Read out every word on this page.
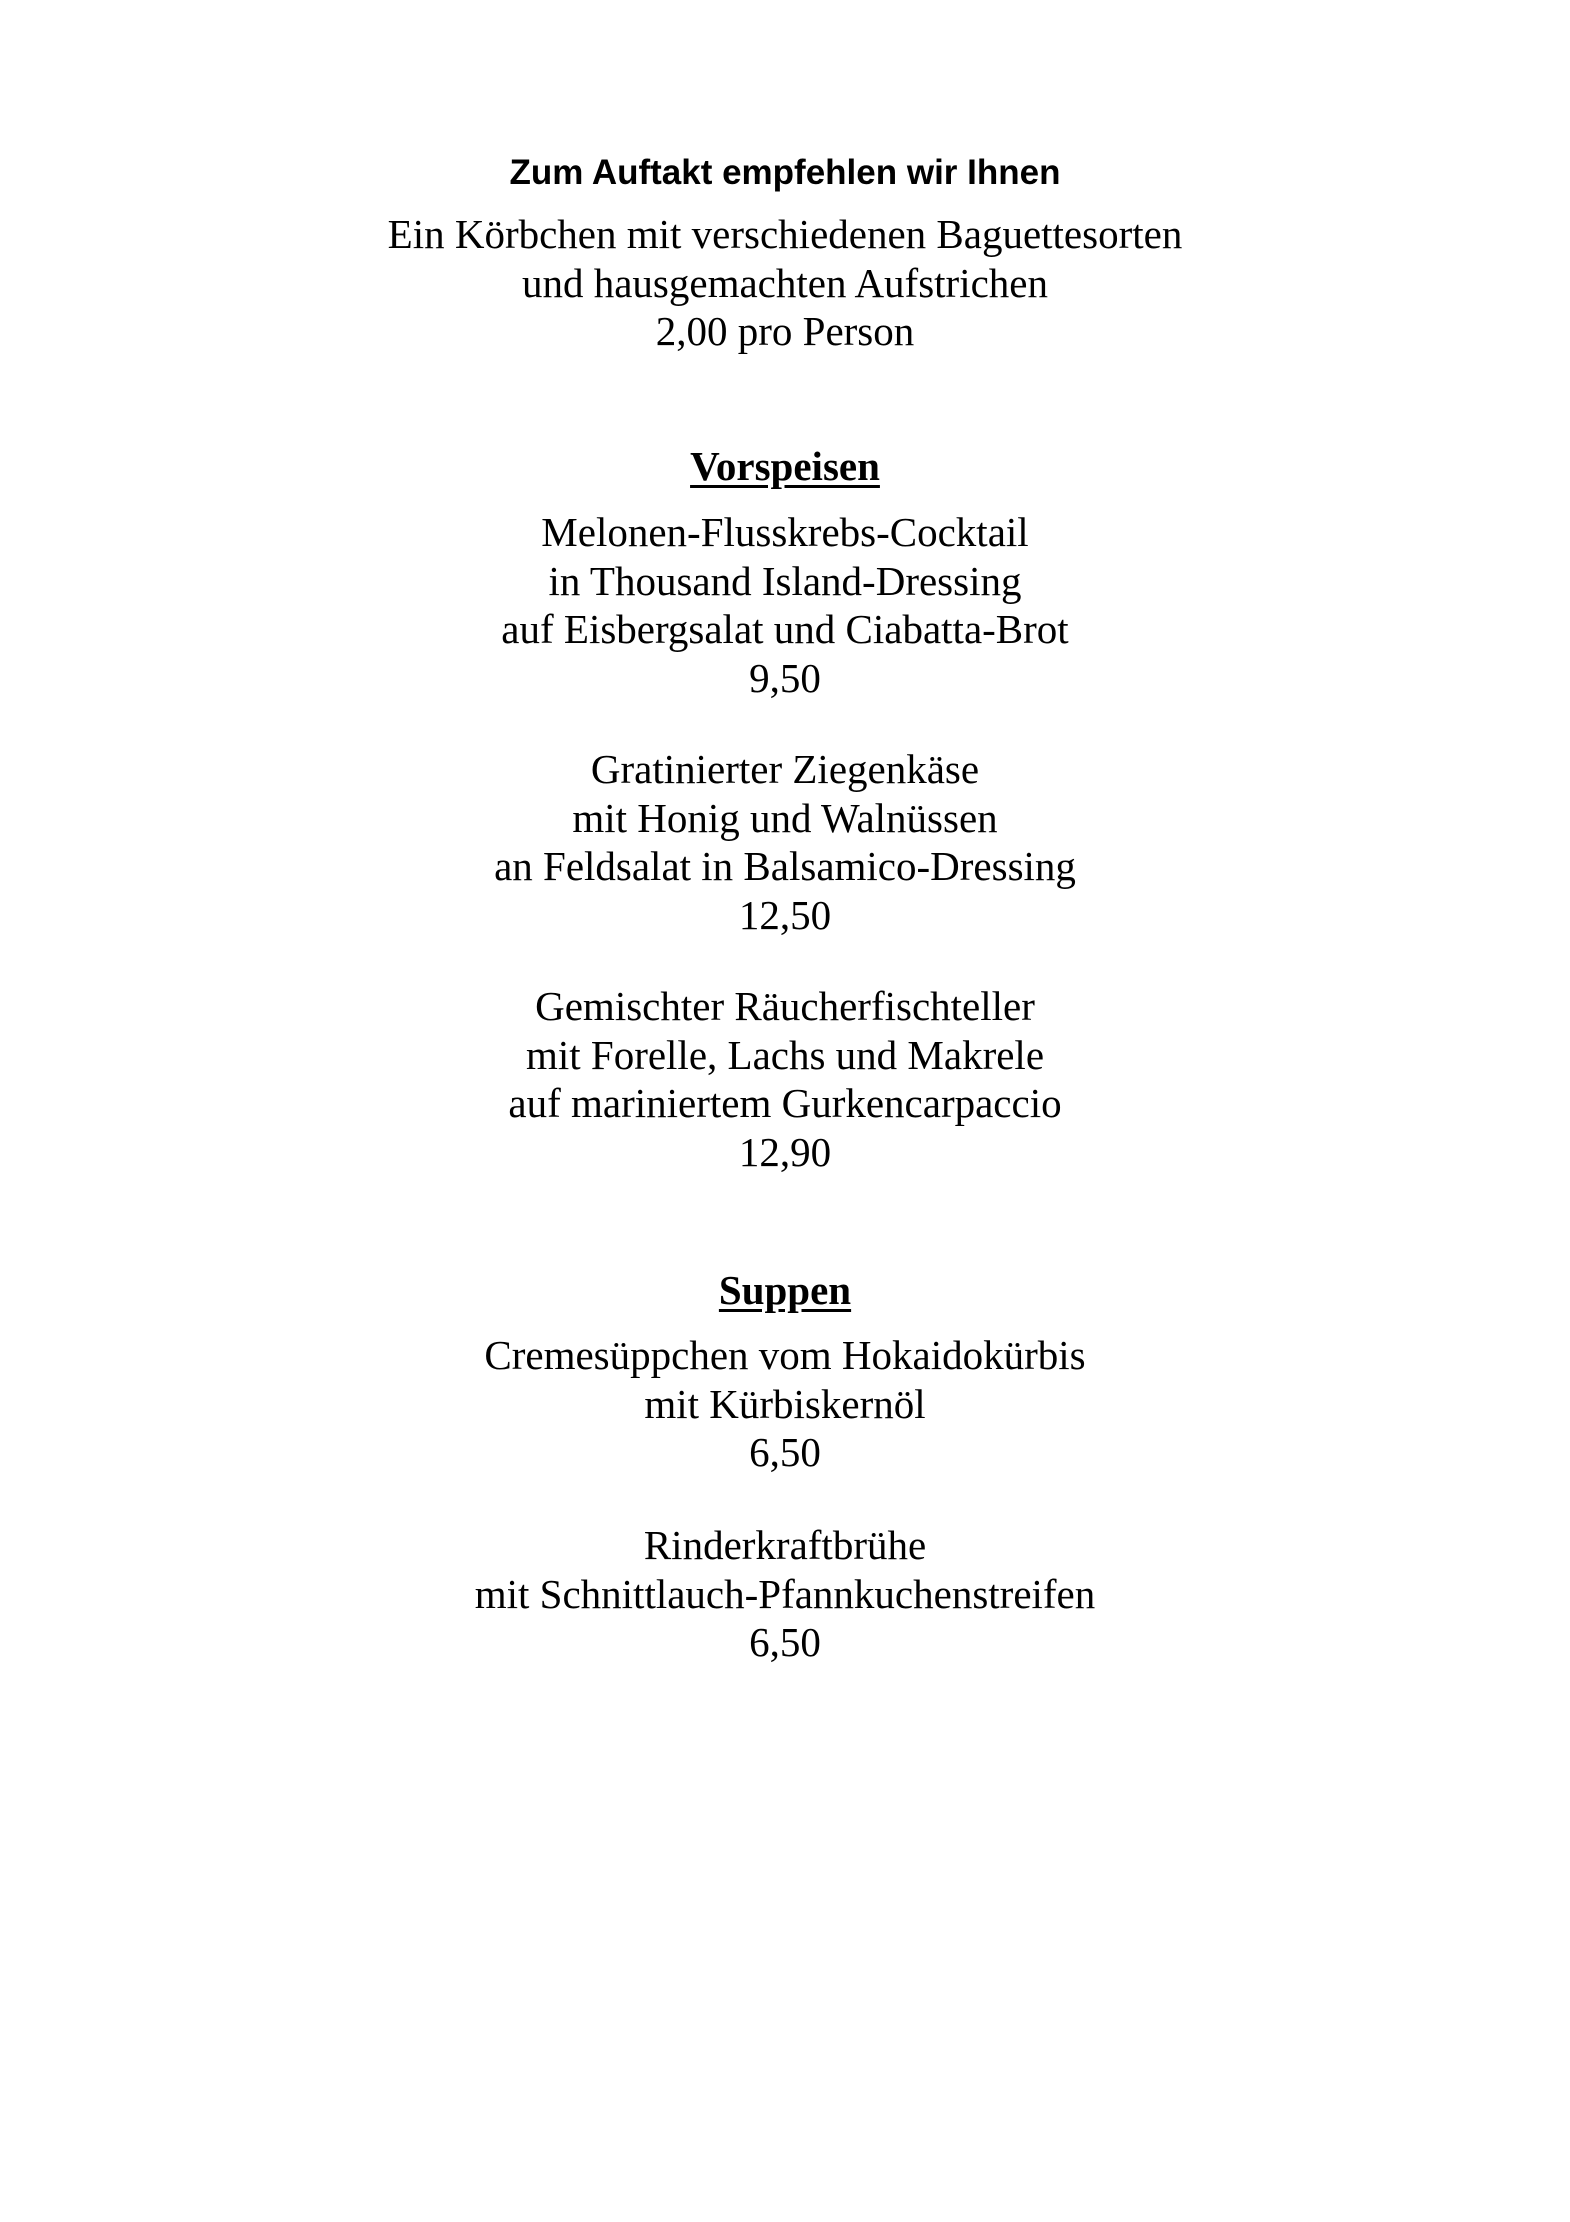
Zum Auftakt empfehlen wir Ihnen
Ein Körbchen mit verschiedenen Baguettesorten
und hausgemachten Aufstrichen
2,00 pro Person
Vorspeisen
Melonen-Flusskrebs-Cocktail
in Thousand Island-Dressing
auf Eisbergsalat und Ciabatta-Brot
9,50
Gratinierter Ziegenkäse
mit Honig und Walnüssen
an Feldsalat in Balsamico-Dressing
12,50
Gemischter Räucherfischteller
mit Forelle, Lachs und Makrele
auf mariniertem Gurkencarpaccio
12,90
Suppen
Cremesüppchen vom Hokaidokürbis
mit Kürbiskernöl
6,50
Rinderkraftbrühe
mit Schnittlauch-Pfannkuchenstreifen
6,50
